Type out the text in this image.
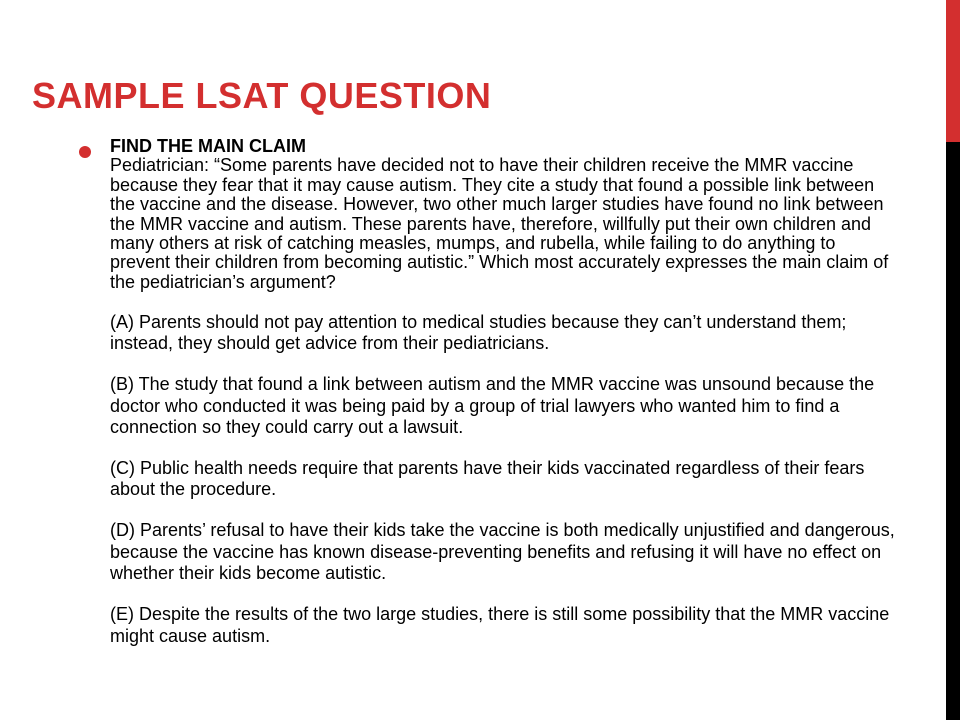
SAMPLE LSAT QUESTION

FIND THE MAIN CLAIM

Pediatrician: “Some parents have decided not to have their children receive the MMR vaccine because they fear that it may cause autism. They cite a study that found a possible link between the vaccine and the disease. However, two other much larger studies have found no link between the MMR vaccine and autism. These parents have, therefore, willfully put their own children and many others at risk of catching measles, mumps, and rubella, while failing to do anything to prevent their children from becoming autistic.” Which most accurately expresses the main claim of the pediatrician’s argument?

(A) Parents should not pay attention to medical studies because they can’t understand them; instead, they should get advice from their pediatricians.

(B) The study that found a link between autism and the MMR vaccine was unsound because the doctor who conducted it was being paid by a group of trial lawyers who wanted him to find a connection so they could carry out a lawsuit.

(C) Public health needs require that parents have their kids vaccinated regardless of their fears about the procedure.

(D) Parents’ refusal to have their kids take the vaccine is both medically unjustified and dangerous, because the vaccine has known disease-preventing benefits and refusing it will have no effect on whether their kids become autistic.

(E) Despite the results of the two large studies, there is still some possibility that the MMR vaccine might cause autism.
